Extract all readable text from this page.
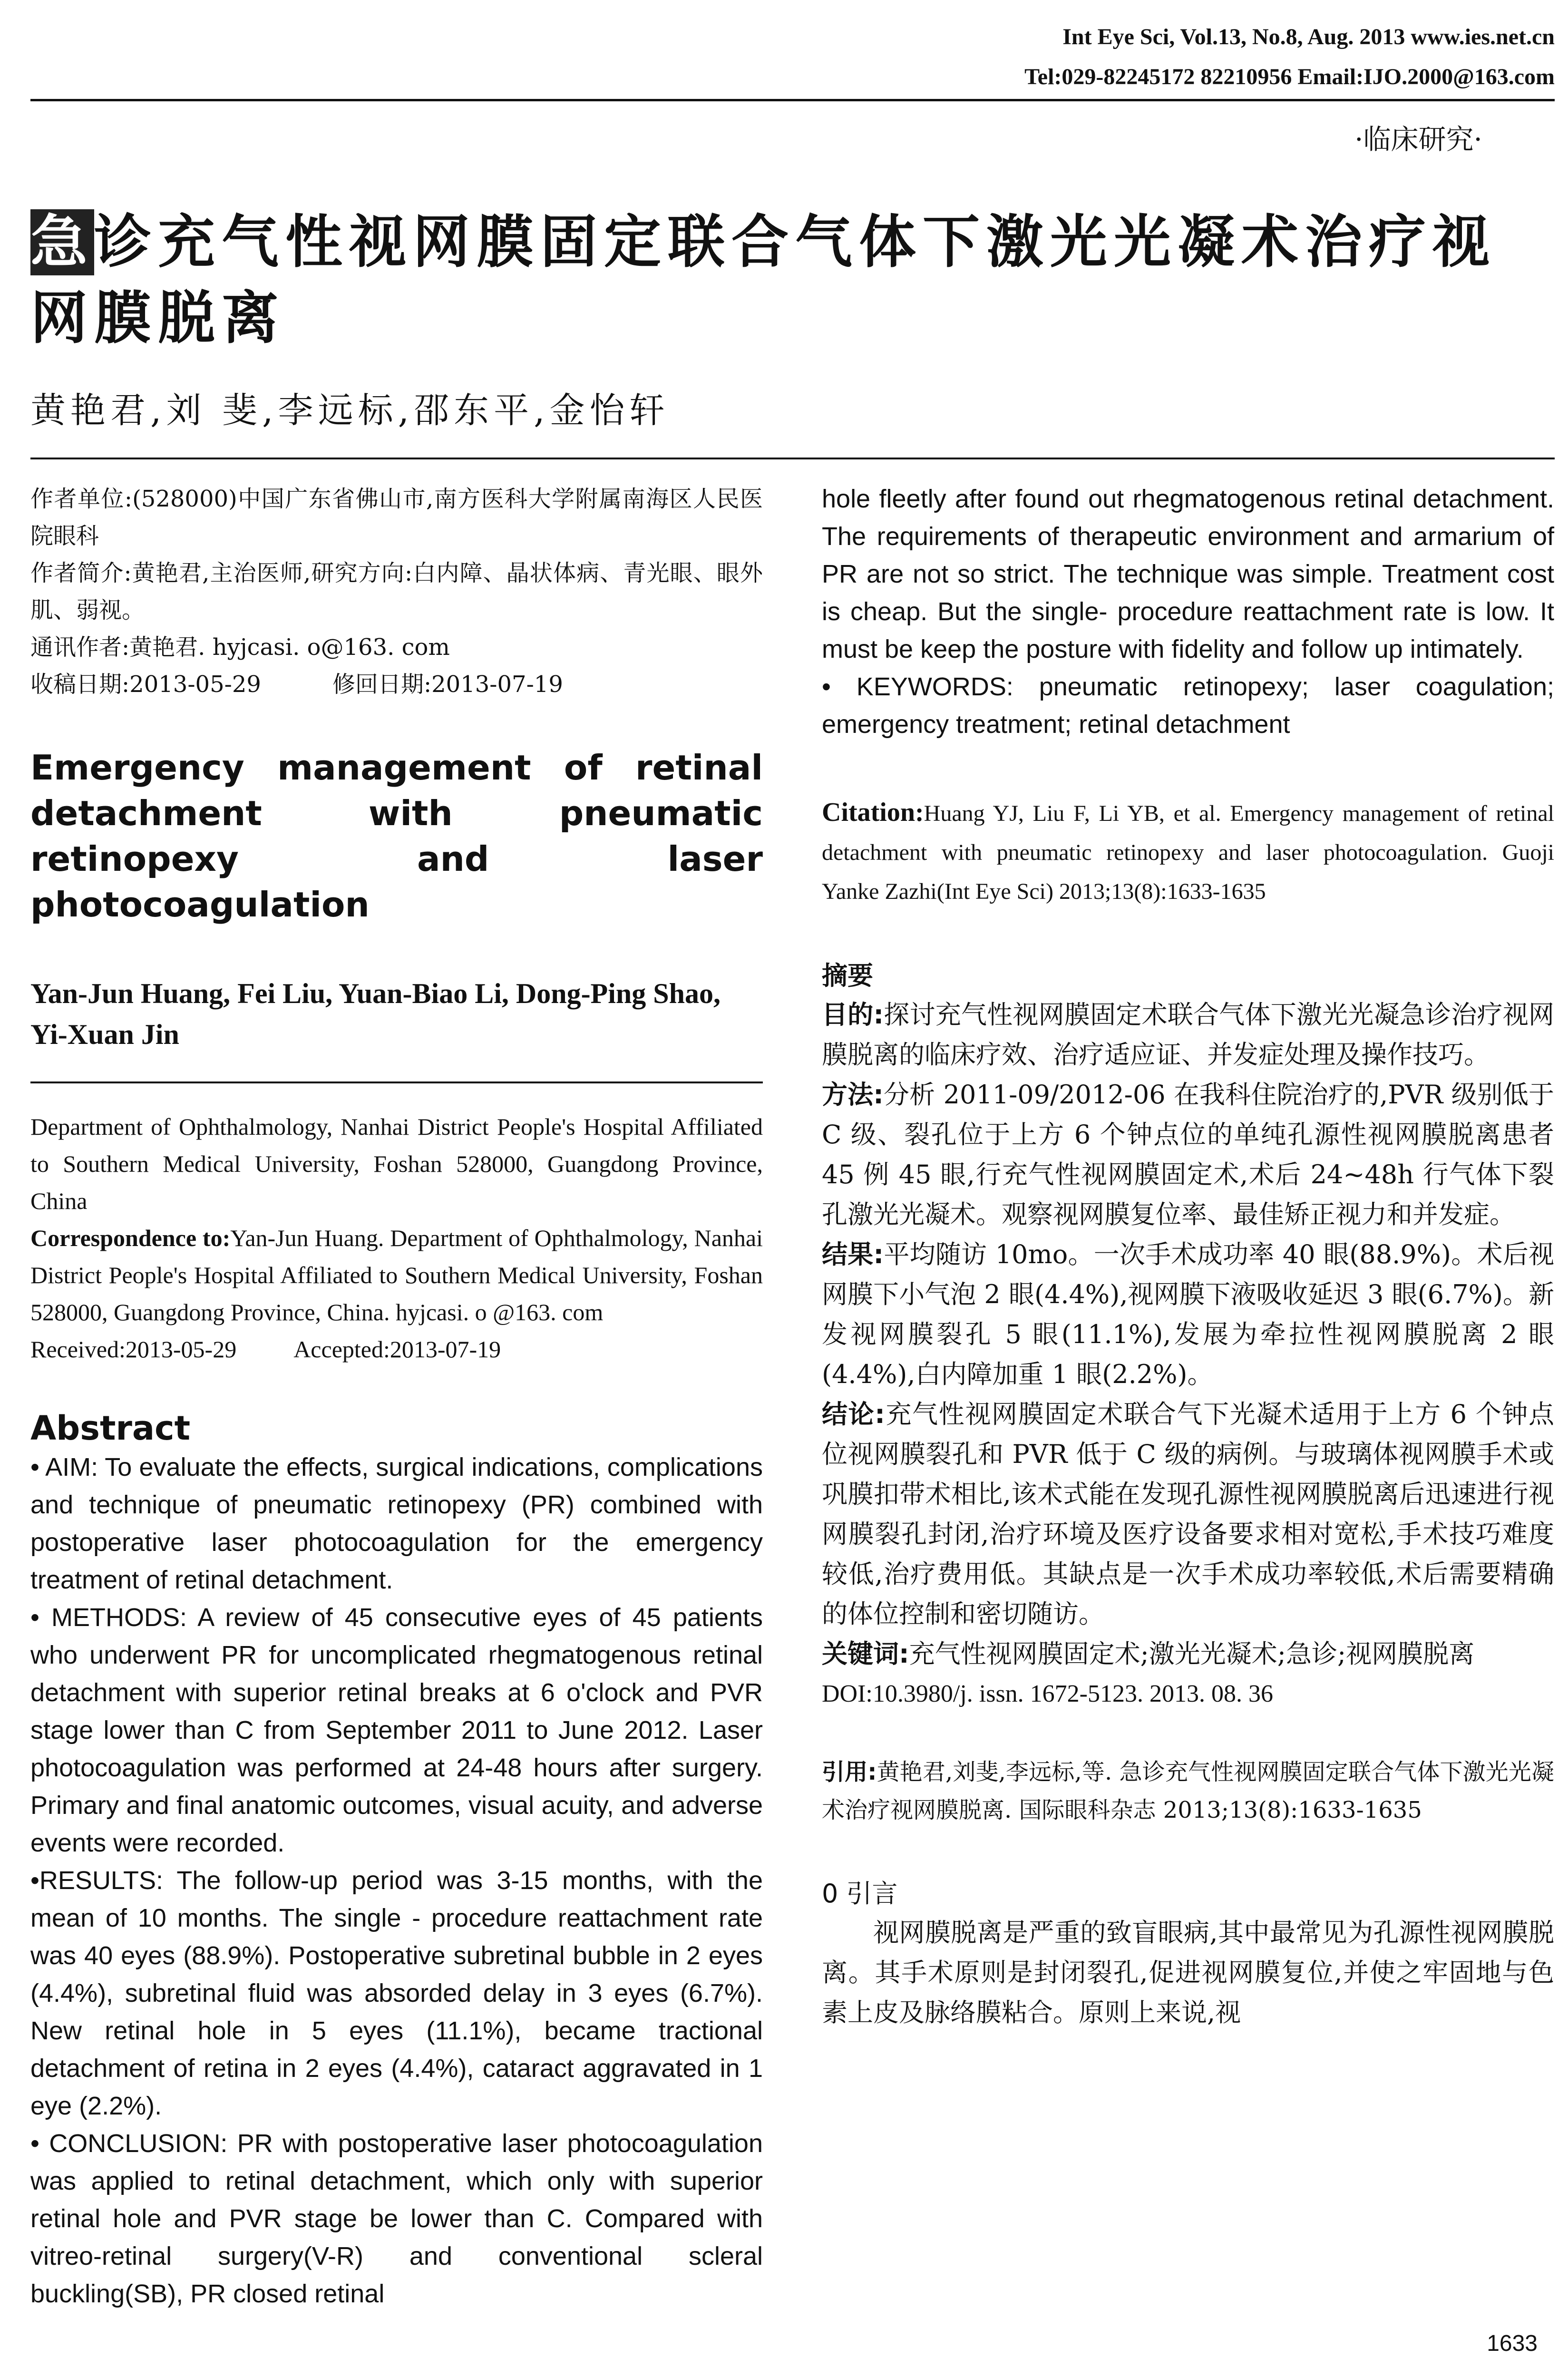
Int Eye Sci, Vol.13, No.8, Aug. 2013 www.ies.net.cn
Tel:029-82245172 82210956 Email:IJO.2000@163.com
·临床研究·
急诊充气性视网膜固定联合气体下激光光凝术治疗视网膜脱离
黄艳君,刘 斐,李远标,邵东平,金怡轩

作者单位:(528000)中国广东省佛山市,南方医科大学附属南海区人民医院眼科

作者简介:黄艳君,主治医师,研究方向:白内障、晶状体病、青光眼、眼外肌、弱视。

通讯作者:黄艳君. hyjcasi. o@163. com

收稿日期:2013-05-29	修回日期:2013-07-19

Emergency management of retinal detachment with pneumatic retinopexy and laser photocoagulation
Yan-Jun Huang, Fei Liu, Yuan-Biao Li, Dong-Ping Shao, Yi-Xuan Jin

Department of Ophthalmology, Nanhai District People's Hospital Affiliated to Southern Medical University, Foshan 528000, Guangdong Province, China

Correspondence to:Yan-Jun Huang. Department of Ophthalmology, Nanhai District People's Hospital Affiliated to Southern Medical University, Foshan 528000, Guangdong Province, China. hyjcasi. o @163. com

Received:2013-05-29 Accepted:2013-07-19

Abstract

• AIM: To evaluate the effects, surgical indications, complications and technique of pneumatic retinopexy (PR) combined with postoperative laser photocoagulation for the emergency treatment of retinal detachment.

• METHODS: A review of 45 consecutive eyes of 45 patients who underwent PR for uncomplicated rhegmatogenous retinal detachment with superior retinal breaks at 6 o'clock and PVR stage lower than C from September 2011 to June 2012. Laser photocoagulation was performed at 24-48 hours after surgery. Primary and final anatomic outcomes, visual acuity, and adverse events were recorded.

•RESULTS: The follow-up period was 3-15 months, with the mean of 10 months. The single - procedure reattachment rate was 40 eyes (88.9%). Postoperative subretinal bubble in 2 eyes (4.4%), subretinal fluid was absorded delay in 3 eyes (6.7%). New retinal hole in 5 eyes (11.1%), became tractional detachment of retina in 2 eyes (4.4%), cataract aggravated in 1 eye (2.2%).

• CONCLUSION: PR with postoperative laser photocoagulation was applied to retinal detachment, which only with superior retinal hole and PVR stage be lower than C. Compared with vitreo-retinal surgery(V-R) and conventional scleral buckling(SB), PR closed retinal

hole fleetly after found out rhegmatogenous retinal detachment. The requirements of therapeutic environment and armarium of PR are not so strict. The technique was simple. Treatment cost is cheap. But the single- procedure reattachment rate is low. It must be keep the posture with fidelity and follow up intimately.

• KEYWORDS: pneumatic retinopexy; laser coagulation; emergency treatment; retinal detachment

Citation:Huang YJ, Liu F, Li YB, et al. Emergency management of retinal detachment with pneumatic retinopexy and laser photocoagulation. Guoji Yanke Zazhi(Int Eye Sci) 2013;13(8):1633-1635
摘要

目的:探讨充气性视网膜固定术联合气体下激光光凝急诊治疗视网膜脱离的临床疗效、治疗适应证、并发症处理及操作技巧。

方法:分析 2011-09/2012-06 在我科住院治疗的,PVR 级别低于 C 级、裂孔位于上方 6 个钟点位的单纯孔源性视网膜脱离患者 45 例 45 眼,行充气性视网膜固定术,术后 24~48h 行气体下裂孔激光光凝术。观察视网膜复位率、最佳矫正视力和并发症。

结果:平均随访 10mo。一次手术成功率 40 眼(88.9%)。术后视网膜下小气泡 2 眼(4.4%),视网膜下液吸收延迟 3 眼(6.7%)。新发视网膜裂孔 5 眼(11.1%),发展为牵拉性视网膜脱离 2 眼(4.4%),白内障加重 1 眼(2.2%)。

结论:充气性视网膜固定术联合气下光凝术适用于上方 6 个钟点位视网膜裂孔和 PVR 低于 C 级的病例。与玻璃体视网膜手术或巩膜扣带术相比,该术式能在发现孔源性视网膜脱离后迅速进行视网膜裂孔封闭,治疗环境及医疗设备要求相对宽松,手术技巧难度较低,治疗费用低。其缺点是一次手术成功率较低,术后需要精确的体位控制和密切随访。

关键词:充气性视网膜固定术;激光光凝术;急诊;视网膜脱离

DOI:10.3980/j. issn. 1672-5123. 2013. 08. 36

引用:黄艳君,刘斐,李远标,等. 急诊充气性视网膜固定联合气体下激光光凝术治疗视网膜脱离. 国际眼科杂志 2013;13(8):1633-1635
0 引言

视网膜脱离是严重的致盲眼病,其中最常见为孔源性视网膜脱离。其手术原则是封闭裂孔,促进视网膜复位,并使之牢固地与色素上皮及脉络膜粘合。原则上来说,视

1633
